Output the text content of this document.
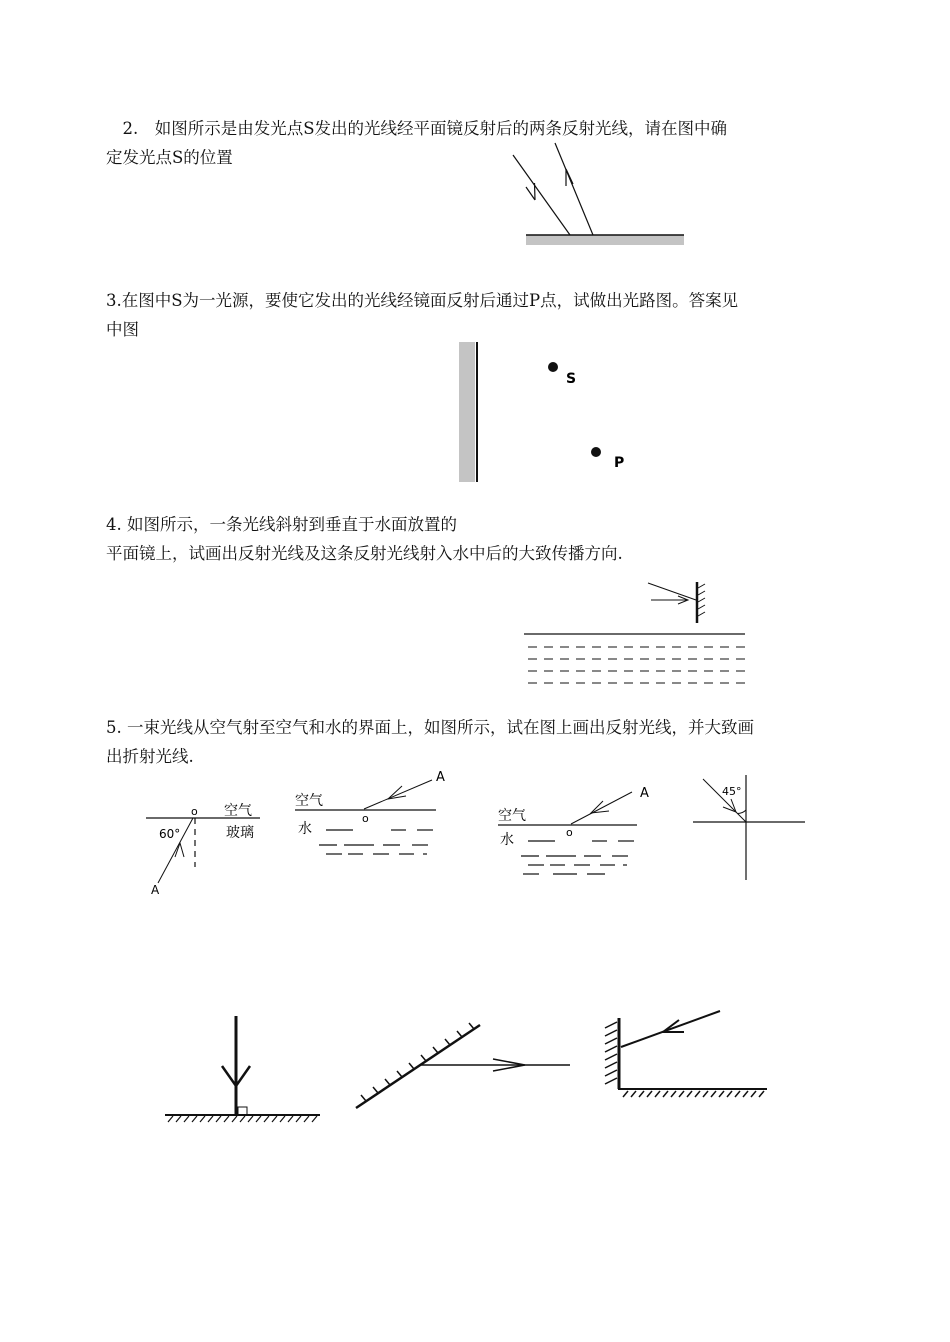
　2.　如图所示是由发光点S发出的光线经平面镜反射后的两条反射光线，请在图中确

定发光点S的位置

3.在图中S为一光源，要使它发出的光线经镜面反射后通过P点，试做出光路图。答案见

中图

S
P

4. 如图所示，一条光线斜射到垂直于水面放置的

平面镜上，试画出反射光线及这条反射光线射入水中后的大致传播方向.

5. 一束光线从空气射至空气和水的界面上，如图所示，试在图上画出反射光线，并大致画

出折射光线.

o 空气
玻璃
60°
A
空气
A
o
水
空气
A
o
水
45°
